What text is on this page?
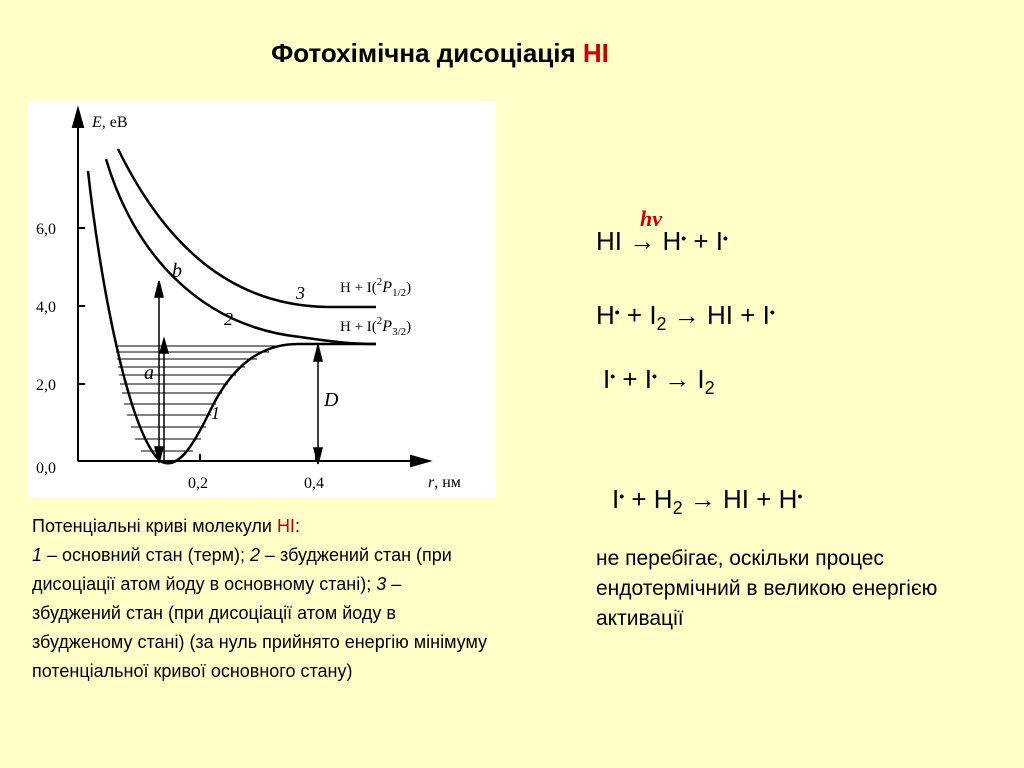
Фотохімічна дисоціація HI
E, еВ
r, нм
0,0
2,0
4,0
6,0
0,2	0,4
3
2
1
b
a
D
$H + I(^2P_{1/2})$
$H + I(^2P_{3/2})$

Потенціальні криві молекули HI:

1 – основний стан (терм); 2 – збуджений стан (при дисоціації атом йоду в основному стані); 3 – збуджений стан (при дисоціації атом йоду в збудженому стані) (за нуль прийнято енергію мінімуму потенціальної кривої основного стану)

hν
HI → H• + I•
$H^• + I_2$ → HI + I•
$I^• + I^• \to I_2$
$I^• + H_2$ → HI + H•
не перебігає, оскільки процес ендотермічний в великою енергією активації
